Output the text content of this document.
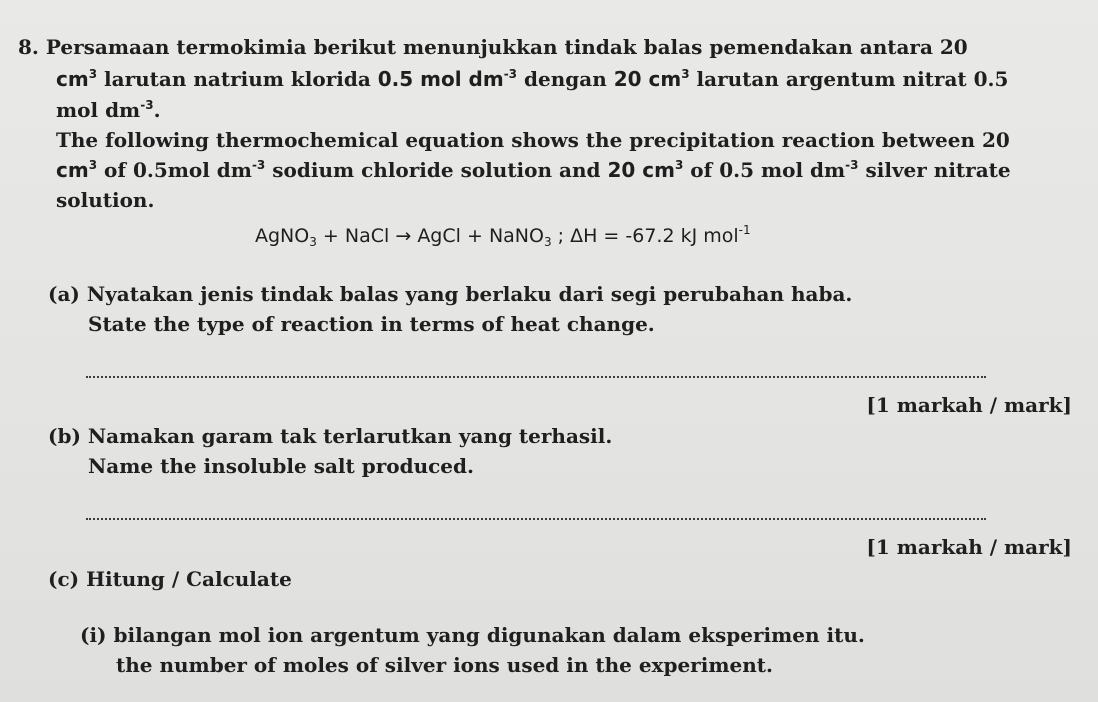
8. Persamaan termokimia berikut menunjukkan tindak balas pemendakan antara 20
$cm^3$ larutan natrium klorida 0.5 mol $dm^{-3}$ dengan 20 $cm^3$ larutan argentum nitrat 0.5
mol $dm^{-3}$.
The following thermochemical equation shows the precipitation reaction between 20
$cm^3$ of 0.5mol $dm^{-3}$ sodium chloride solution and 20 $cm^3$ of 0.5 mol $dm^{-3}$ silver nitrate
solution.
AgNO$_3$ + NaCl → AgCl + NaNO$_3$ ; ΔH = -67.2 kJ mol$^{-1}$
(a) Nyatakan jenis tindak balas yang berlaku dari segi perubahan haba.
State the type of reaction in terms of heat change.
[1 markah / mark]
(b) Namakan garam tak terlarutkan yang terhasil.
Name the insoluble salt produced.
[1 markah / mark]
(c) Hitung / Calculate
(i) bilangan mol ion argentum yang digunakan dalam eksperimen itu.
the number of moles of silver ions used in the experiment.
